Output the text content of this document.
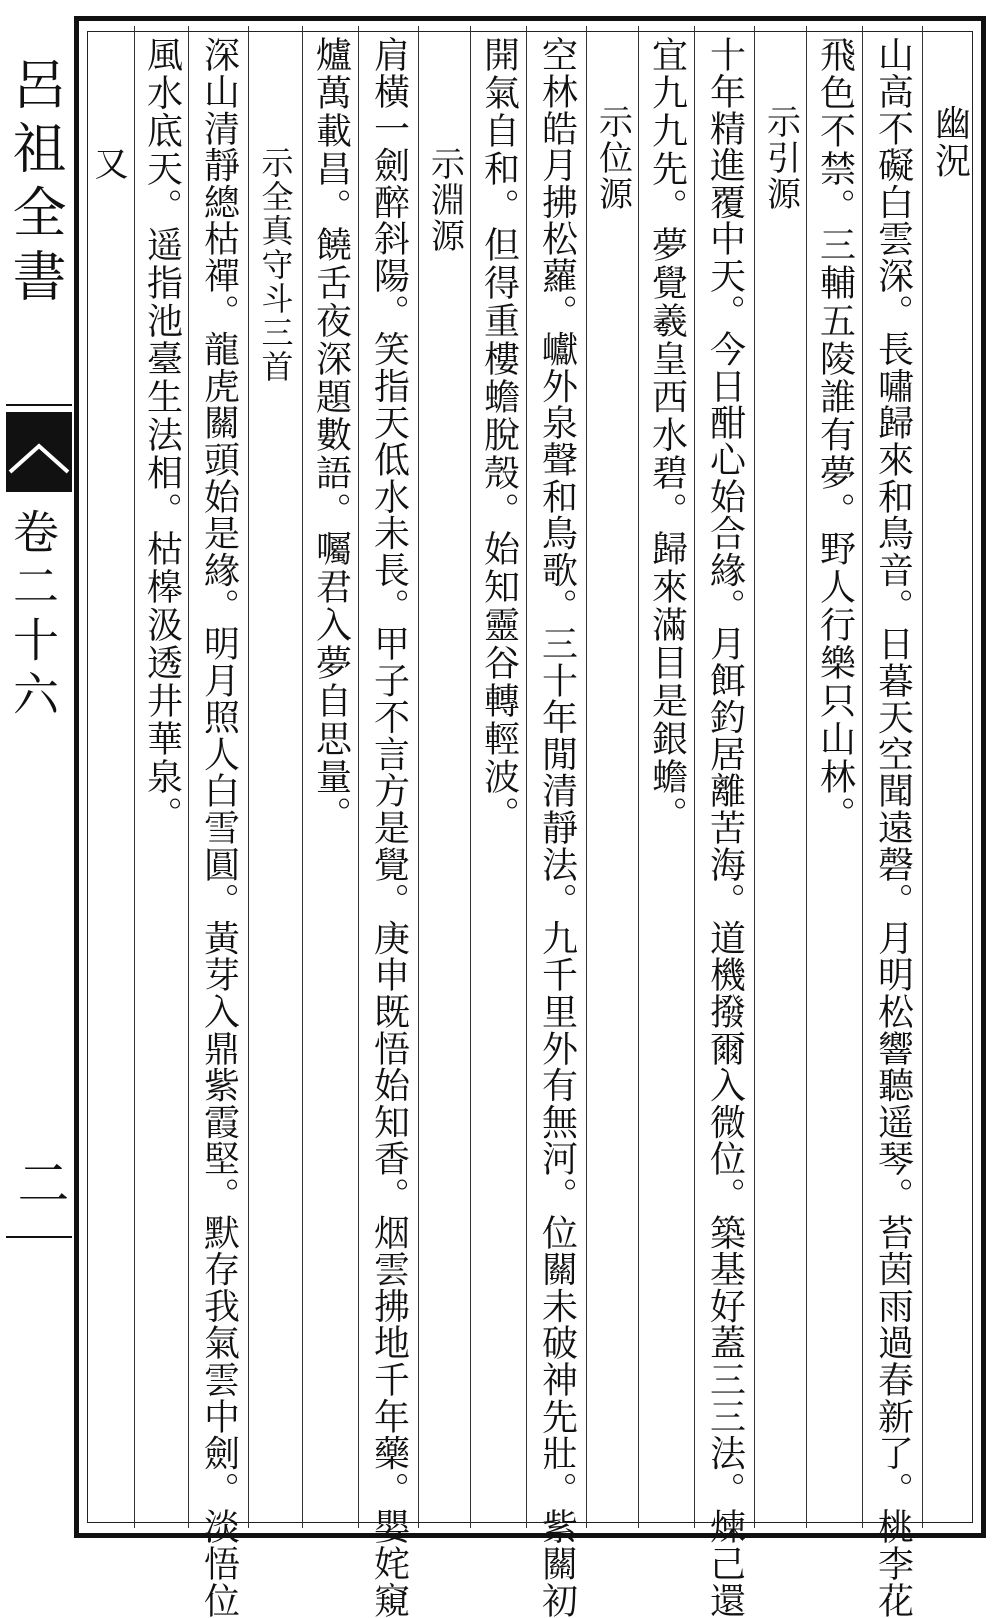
呂祖全書
卷二十六
二
幽況
山高不礙白雲深。長嘯歸來和鳥音。日暮天空聞遠磬。月明松響聽遥琴。苔茵雨過春新了。桃李花
飛色不禁。三輔五陵誰有夢。野人行樂只山林。
示引源
十年精進覆中天。今日酣心始合緣。月餌釣居離苦海。道機撥爾入微位。築基好蓋三三法。煉己還
宜九九先。夢覺羲皇西水碧。歸來滿目是銀蟾。
示位源
空林皓月拂松蘿。巘外泉聲和鳥歌。三十年閒清靜法。九千里外有無河。位關未破神先壯。紫關初
開氣自和。但得重樓蟾脫殼。始知靈谷轉輕波。
示淵源
肩橫一劍醉斜陽。笑指天低水未長。甲子不言方是覺。庚申既悟始知香。烟雲拂地千年藥。嬰姹窺
爐萬載昌。饒舌夜深題數語。囑君入夢自思量。
示全真守斗三首
深山清靜總枯禪。龍虎關頭始是緣。明月照人白雪圓。黃芽入鼎紫霞堅。默存我氣雲中劍。淡悟位
風水底天。遥指池臺生法相。枯槔汲透井華泉。
又
